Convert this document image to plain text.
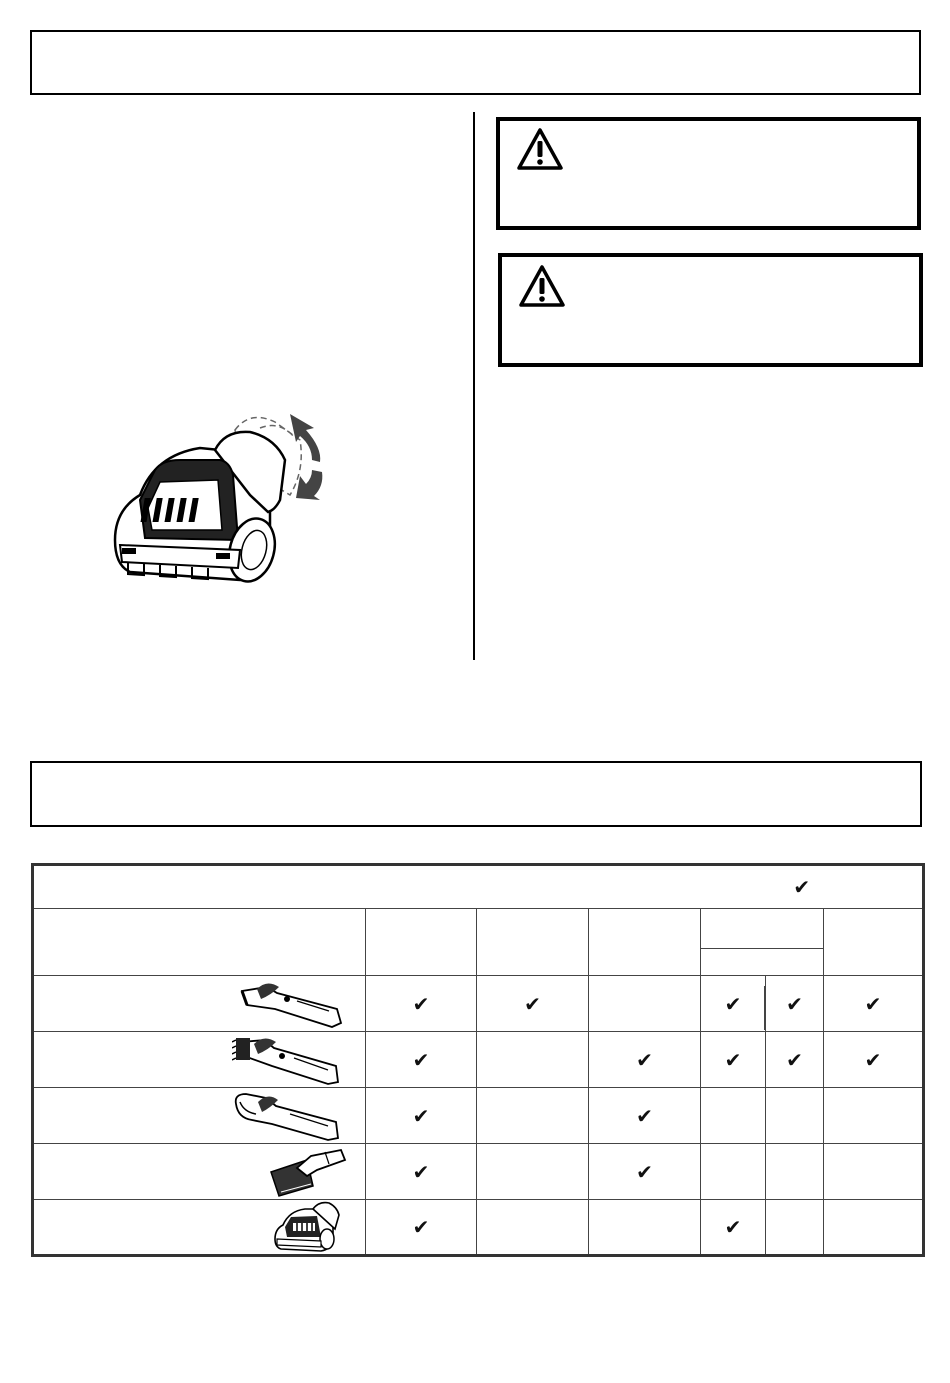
✔						

	✔	✔		✔	✔	✔

	✔		✔	✔	✔	✔

	✔		✔			

	✔		✔			

	✔			✔		
